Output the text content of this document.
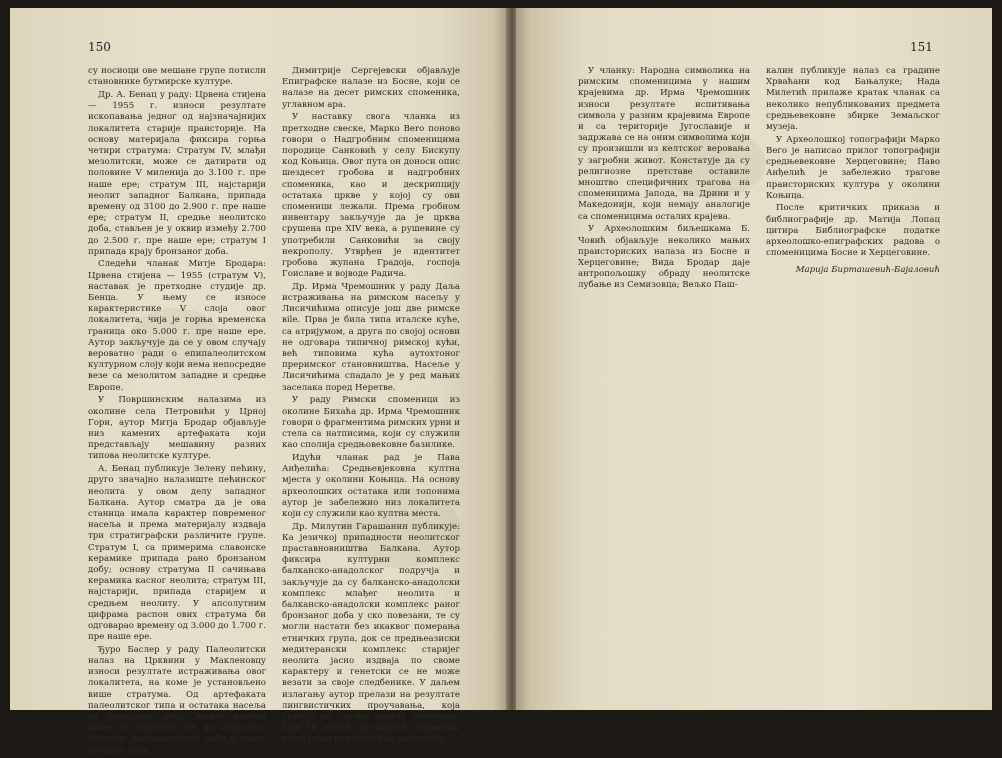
150	151

су носиоци ове мешане групе потисли становнике бутмирске културе.

Др. А. Бенац у раду: Црвена стијена — 1955 г. износи резултате ископавања једног од најзначајнијих локалитета старије праисторије. На основу материјала фиксира горња четири стратума: Стратум IV, млађи мезолитски, може се датирати од половине V миленија до 3.100 г. пре наше ере; стратум III, најстарији неолит западног Балкана, припада времену од 3100 до 2.900 г. пре наше ере; стратум II, средње неолитско доба, стављен је у оквир између 2.700 до 2.500 г. пре наше ере; стратум I припада крају бронзаног доба.

Следећи чланак Митје Бродара: Црвена стијена — 1955 (стратум V), наставак је претходне студије др. Бенца. У њему се износе карактеристике V слоја овог локалитета, чија је горња временска граница око 5.000 г. пре наше ере. Аутор закључује да се у овом случају вероватно ради о епипалеолитском културном слоју који нема непосредне везе са мезолитом западне и средње Европе.

У Површинским налазима из околине села Петровићи у Црној Гори, аутор Митја Бродар објављује низ камених артефаката који представљају мешавину разних типова неолитске културе.

А. Бенац публикује Зелену пећину, друго значајно налазиште пећинског неолита у овом делу западног Балкана. Аутор сматра да је ова станица имала карактер повременог насеља и према материјалу издваја три стратиграфски различите групе. Стратум I, са примерима славонске керамике припада рано бронзаном добу; основу стратума II сачињава керамика касног неолита; стратум III, најстарији, припада старијем и средњем неолиту. У апсолутним цифрама распон ових стратума би одговарао времену од 3.000 до 1.700 г. пре наше ере.

Ђуро Баслер у раду Палеолитски налаз на Црквини у Макленовцу износи резултате истраживања овог локалитета, на коме је установљено више стратума. Од артефаката палеолитског типа и остатака насеља из бронзаног доба, живот насеља може се пратити све до илирског, римског, касноантичког доба и раног средњег века.

Димитрије Сергејевски објављује Епиграфске налазе из Босне, који се налазе на десет римских споменика, углавном ара.

У наставку свога чланка из претходне свеске, Марко Веrо поново говори о Надгробним споменицима породице Санковић у селу Бискупу код Коњица. Овог пута он доноси опис шездесет гробова и надгробних споменика, као и дескрипцију остатака цркве у којој су ови споменици лежали. Према гробном инвентару закључује да је црква срушена пре XIV века, а рушевине су употребили Санковићи за своју некрополу. Утврђен је идентитет гробова жупана Градоја, госпоја Гоиславе и војводе Радича.

Др. Ирма Чремошник у раду Даља истраживања на римском насељу у Лисичићима описује још две римске вile. Прва је била типа италске куће, са атријумом, а друга по својој основи не одговара типичној римској кући, већ типовима кућа аутохтоног преримског становништва. Насеље у Лисичићима спадало је у ред мањих заселака поред Неретве.

У раду Римски споменици из околине Бихаћа др. Ирма Чремошник говори о фрагментима римских урни и стела са натписима, који су служили као сполија средњовековне базилике.

Идући чланак рад је Пава Анђелића: Средњевјековна култна мјеста у околини Коњица. На основу археолошких остатака или топонима аутор је забележио низ локалитета који су служили као култна места.

Др. Милутин Гарашанин публикује: Ка језичкој припадности неолитског праставновништва Балкана. Аутор фиксира културни комплекс балканско-анадолског подручја и закључује да су балканско-анадолски комплекс млађег неолита и балканско-анадолски комплекс раног бронзаног доба у ско повезани, те су могли настати без икаквог померања етничких група, док се предњеазиски медитерански комплекс старијег неолита јасно издваја по своме карактеру и генетски се не може везати за своје следбенике. У даљем излагању аутор прелази на резултате лингвистичких проучавања, која указују на сличну поделу супстрата, који би могли одговарати појединим културним комплексима археолога.

У чланку: Народна символика на римским споменицима у нашим крајевима др. Ирма Чремошник износи резултате испитивања символа у разним крајевима Европе и са територије Југославије и задржава се на оним символима који су произишли из келтског веровања у загробни живот. Констатује да су религиозне претставе оставиле мноштво специфичних трагова на споменицима Јапода, на Дрини и у Македонији, који немају аналогије са споменицима осталих крајева.

У Археолошким биљешкама Б. Човић објављује неколико мањих праисториских налаза из Босне и Херцеговине; Вида Бродар даје антропољошку обраду неолитске лубање из Семизовца; Вељко Паш-

калин публикује налаз са градине Хрваћани код Бањалуке; Нада Милетић прилаже кратак чланак са неколико непубликованих предмета средњевековне збирке Земаљског музеја.

У Археолошкој топографији Марко Вего је написао прилог топографији средњевековне Херцеговине; Паво Анђелић је забележио трагове праисториских култура у околини Коњица.

После критичких приказа и библиографије др. Матија Лопац цитира Библиографске податке археолошко-епиграфских радова о споменицима Босне и Херцеговине.

Марија Бирташевић-Бајаловић
